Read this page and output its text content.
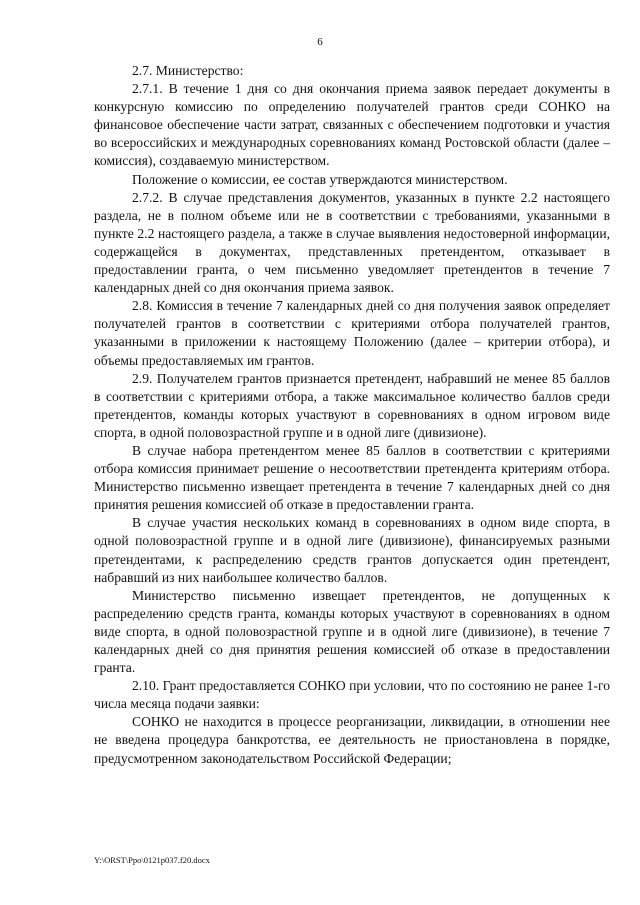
6

2.7. Министерство:

2.7.1. В течение 1 дня со дня окончания приема заявок передает документы в конкурсную комиссию по определению получателей грантов среди СОНКО на финансовое обеспечение части затрат, связанных с обеспечением подготовки и участия во всероссийских и международных соревнованиях команд Ростовской области (далее – комиссия), создаваемую министерством.

Положение о комиссии, ее состав утверждаются министерством.

2.7.2. В случае представления документов, указанных в пункте 2.2 настоящего раздела, не в полном объеме или не в соответствии с требованиями, указанными в пункте 2.2 настоящего раздела, а также в случае выявления недостоверной информации, содержащейся в документах, представленных претендентом, отказывает в предоставлении гранта, о чем письменно уведомляет претендентов в течение 7 календарных дней со дня окончания приема заявок.

2.8. Комиссия в течение 7 календарных дней со дня получения заявок определяет получателей грантов в соответствии с критериями отбора получателей грантов, указанными в приложении к настоящему Положению (далее – критерии отбора), и объемы предоставляемых им грантов.

2.9. Получателем грантов признается претендент, набравший не менее 85 баллов в соответствии с критериями отбора, а также максимальное количество баллов среди претендентов, команды которых участвуют в соревнованиях в одном игровом виде спорта, в одной половозрастной группе и в одной лиге (дивизионе).

В случае набора претендентом менее 85 баллов в соответствии с критериями отбора комиссия принимает решение о несоответствии претендента критериям отбора. Министерство письменно извещает претендента в течение 7 календарных дней со дня принятия решения комиссией об отказе в предоставлении гранта.

В случае участия нескольких команд в соревнованиях в одном виде спорта, в одной половозрастной группе и в одной лиге (дивизионе), финансируемых разными претендентами, к распределению средств грантов допускается один претендент, набравший из них наибольшее количество баллов.

Министерство письменно извещает претендентов, не допущенных к распределению средств гранта, команды которых участвуют в соревнованиях в одном виде спорта, в одной половозрастной группе и в одной лиге (дивизионе), в течение 7 календарных дней со дня принятия решения комиссией об отказе в предоставлении гранта.

2.10. Грант предоставляется СОНКО при условии, что по состоянию не ранее 1-го числа месяца подачи заявки:

СОНКО не находится в процессе реорганизации, ликвидации, в отношении нее не введена процедура банкротства, ее деятельность не приостановлена в порядке, предусмотренном законодательством Российской Федерации;

Y:\ORST\Ppo\0121p037.f20.docx
